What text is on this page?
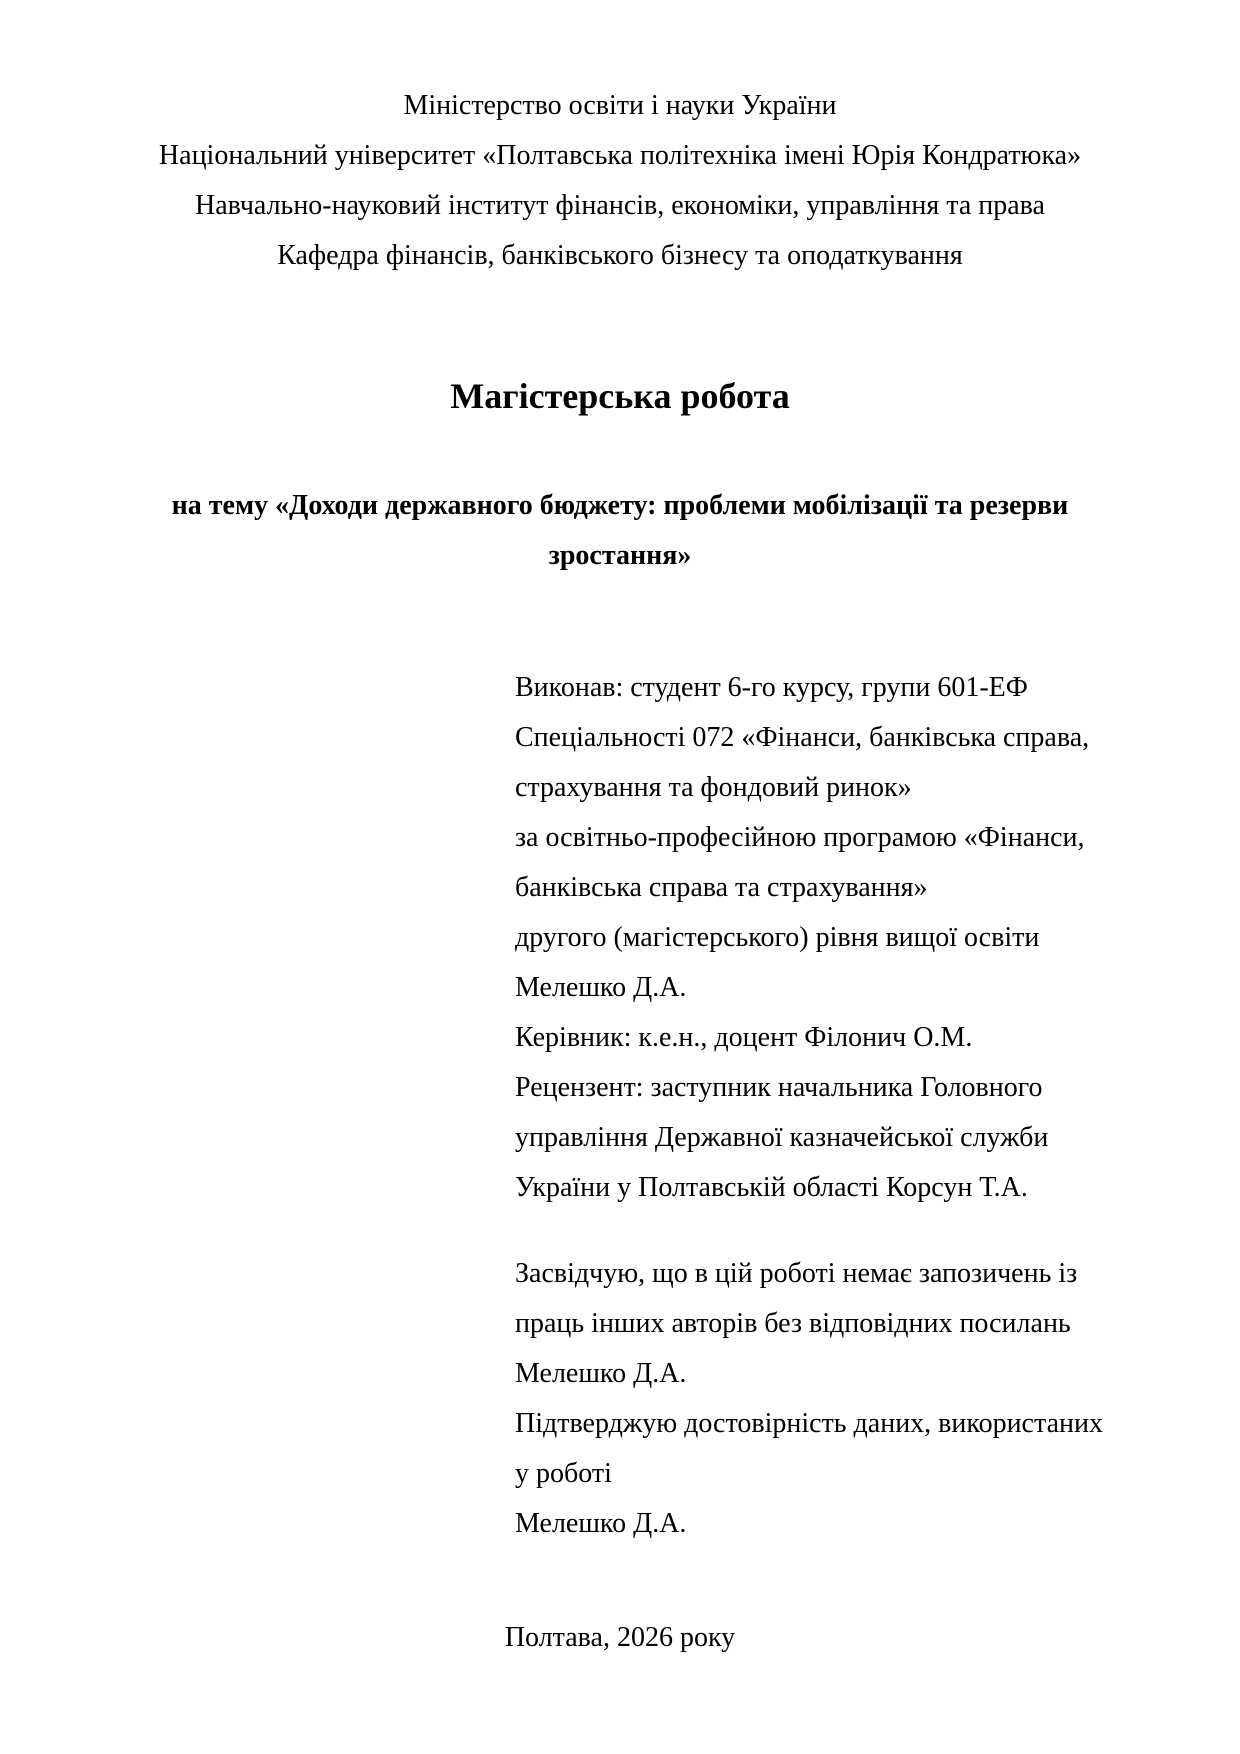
Міністерство освіти і науки України
Національний університет «Полтавська політехніка імені Юрія Кондратюка»
Навчально-науковий інститут фінансів, економіки, управління та права
Кафедра фінансів, банківського бізнесу та оподаткування
Магістерська робота
на тему «Доходи державного бюджету: проблеми мобілізації та резерви
зростання»
Виконав: студент 6-го курсу, групи 601-ЕФ
Спеціальності 072 «Фінанси, банківська справа,
страхування та фондовий ринок»
за освітньо-професійною програмою «Фінанси,
банківська справа та страхування»
другого (магістерського) рівня вищої освіти
Мелешко Д.А.
Керівник: к.е.н., доцент Філонич О.М.
Рецензент: заступник начальника Головного
управління Державної казначейської служби
України у Полтавській області Корсун Т.А.
Засвідчую, що в цій роботі немає запозичень із
праць інших авторів без відповідних посилань
Мелешко Д.А.
Підтверджую достовірність даних, використаних
у роботі
Мелешко Д.А.
Полтава, 2026 року
